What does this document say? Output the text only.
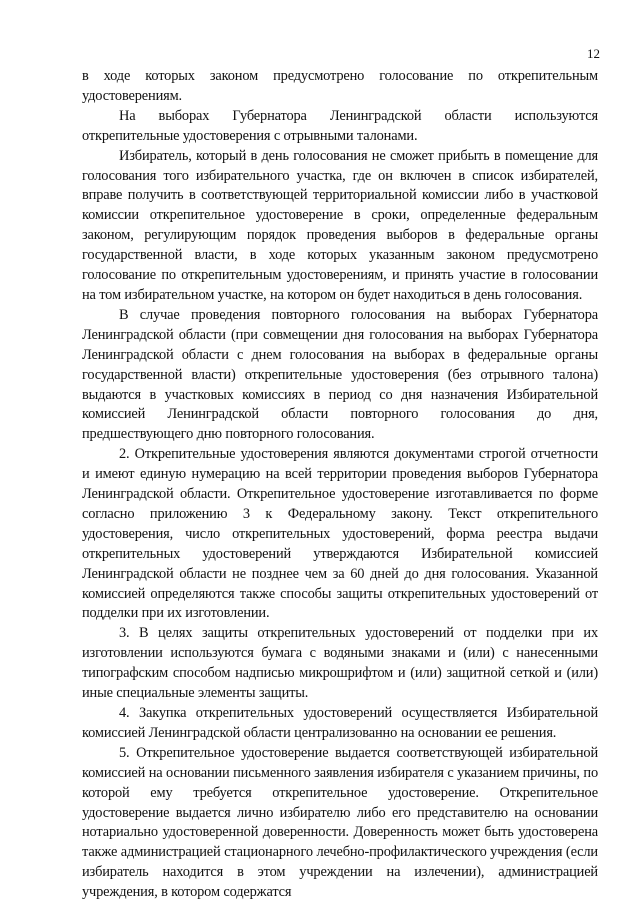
12

в ходе которых законом предусмотрено голосование по открепительным удостоверениям.

На выборах Губернатора Ленинградской области используются открепительные удостоверения с отрывными талонами.

Избиратель, который в день голосования не сможет прибыть в помещение для голосования того избирательного участка, где он включен в список избирателей, вправе получить в соответствующей территориальной комиссии либо в участковой комиссии открепительное удостоверение в сроки, определенные федеральным законом, регулирующим порядок проведения выборов в федеральные органы государственной власти, в ходе которых указанным законом предусмотрено голосование по открепительным удостоверениям, и принять участие в голосовании на том избирательном участке, на котором он будет находиться в день голосования.

В случае проведения повторного голосования на выборах Губернатора Ленинградской области (при совмещении дня голосования на выборах Губернатора Ленинградской области с днем голосования на выборах в федеральные органы государственной власти) открепительные удостоверения (без отрывного талона) выдаются в участковых комиссиях в период со дня назначения Избирательной комиссией Ленинградской области повторного голосования до дня, предшествующего дню повторного голосования.

2. Открепительные удостоверения являются документами строгой отчетности и имеют единую нумерацию на всей территории проведения выборов Губернатора Ленинградской области. Открепительное удостоверение изготавливается по форме согласно приложению 3 к Федеральному закону. Текст открепительного удостоверения, число открепительных удостоверений, форма реестра выдачи открепительных удостоверений утверждаются Избирательной комиссией Ленинградской области не позднее чем за 60 дней до дня голосования. Указанной комиссией определяются также способы защиты открепительных удостоверений от подделки при их изготовлении.

3. В целях защиты открепительных удостоверений от подделки при их изготовлении используются бумага с водяными знаками и (или) с нанесенными типографским способом надписью микрошрифтом и (или) защитной сеткой и (или) иные специальные элементы защиты.

4. Закупка открепительных удостоверений осуществляется Избирательной комиссией Ленинградской области централизованно на основании ее решения.

5. Открепительное удостоверение выдается соответствующей избирательной комиссией на основании письменного заявления избирателя с указанием причины, по которой ему требуется открепительное удостоверение. Открепительное удостоверение выдается лично избирателю либо его представителю на основании нотариально удостоверенной доверенности. Доверенность может быть удостоверена также администрацией стационарного лечебно-профилактического учреждения (если избиратель находится в этом учреждении на излечении), администрацией учреждения, в котором содержатся
